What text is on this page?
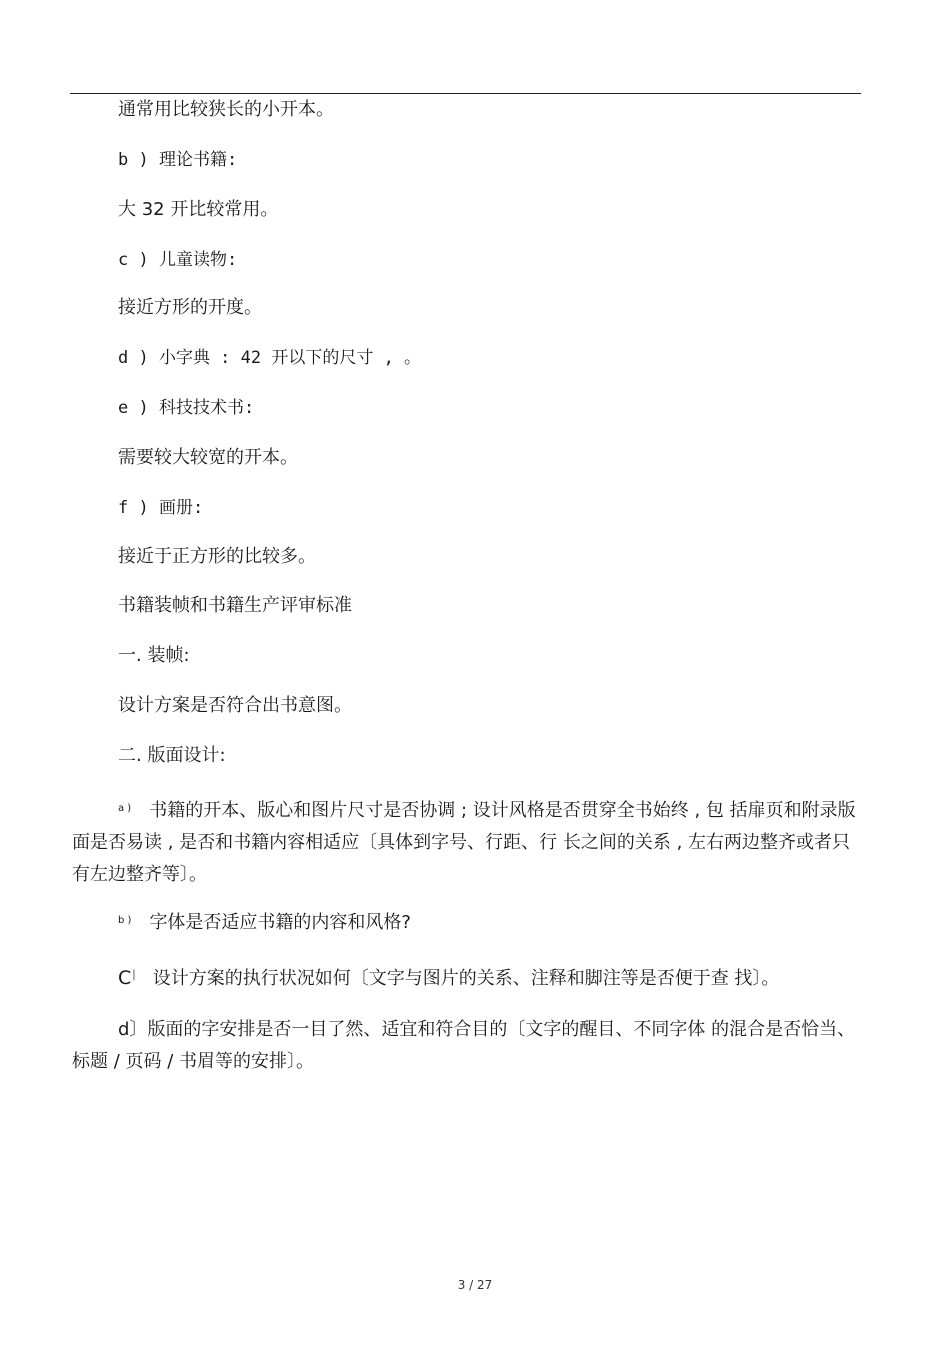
通常用比较狭长的小开本。
b ) 理论书籍:
大 32 开比较常用。
c ) 儿童读物:
接近方形的开度。
d ) 小字典 : 42 开以下的尺寸 , 。
e ) 科技技术书:
需要较大较宽的开本。
f ) 画册:
接近于正方形的比较多。
书籍装帧和书籍生产评审标准
一. 装帧:
设计方案是否符合出书意图。
二. 版面设计:
$^{a )}$ 书籍的开本、版心和图片尺寸是否协调 ; 设计风格是否贯穿全书始终 , 包 括扉页和附录版面是否易读 , 是否和书籍内容相适应〔具体到字号、行距、行 长之间的关系 , 左右两边整齐或者只有左边整齐等〕。
$^{b )}$ 字体是否适应书籍的内容和风格?
C│ 设计方案的执行状况如何〔文字与图片的关系、注释和脚注等是否便于查 找〕。
d〕版面的字安排是否一目了然、适宜和符合目的〔文字的醒目、不同字体 的混合是否恰当、标题 / 页码 / 书眉等的安排〕。
3 / 27
